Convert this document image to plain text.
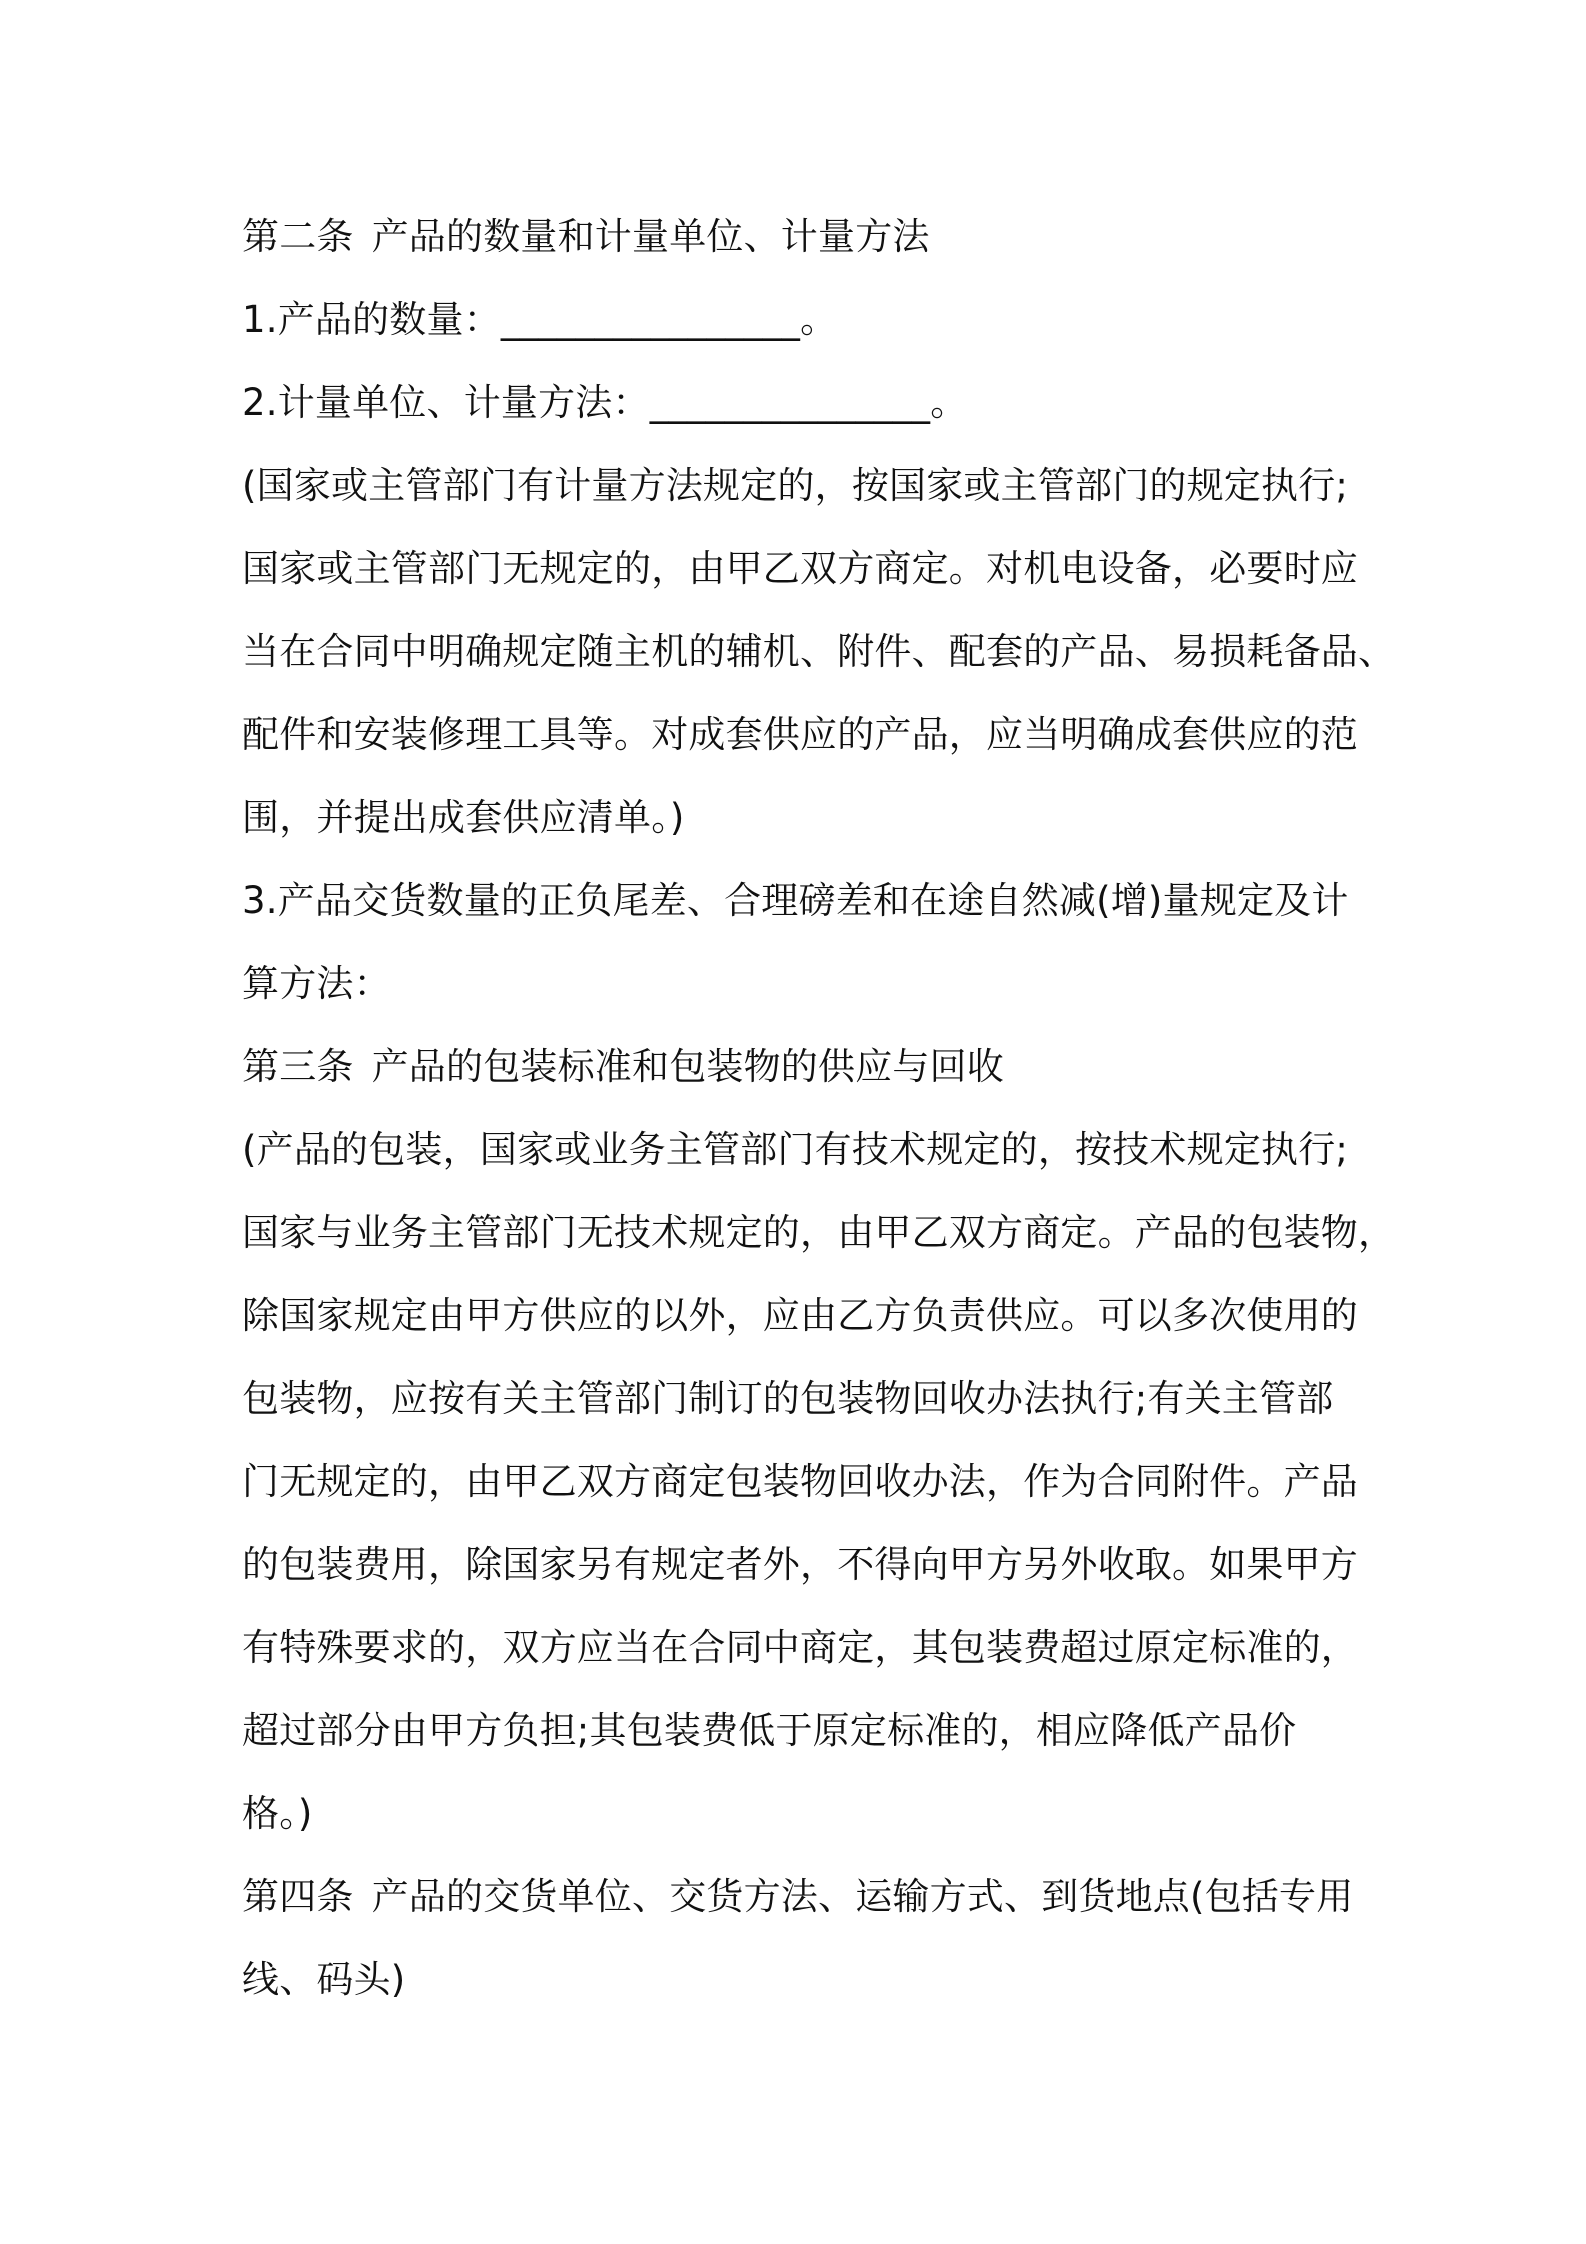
第二条 产品的数量和计量单位、计量方法
1.产品的数量：________________。
2.计量单位、计量方法：_______________。
(国家或主管部门有计量方法规定的，按国家或主管部门的规定执行;
国家或主管部门无规定的，由甲乙双方商定。对机电设备，必要时应
当在合同中明确规定随主机的辅机、附件、配套的产品、易损耗备品、
配件和安装修理工具等。对成套供应的产品，应当明确成套供应的范
围，并提出成套供应清单。)
3.产品交货数量的正负尾差、合理磅差和在途自然减(增)量规定及计
算方法：
第三条 产品的包装标准和包装物的供应与回收
(产品的包装，国家或业务主管部门有技术规定的，按技术规定执行;
国家与业务主管部门无技术规定的，由甲乙双方商定。产品的包装物，
除国家规定由甲方供应的以外，应由乙方负责供应。可以多次使用的
包装物，应按有关主管部门制订的包装物回收办法执行;有关主管部
门无规定的，由甲乙双方商定包装物回收办法，作为合同附件。产品
的包装费用，除国家另有规定者外，不得向甲方另外收取。如果甲方
有特殊要求的，双方应当在合同中商定，其包装费超过原定标准的，
超过部分由甲方负担;其包装费低于原定标准的，相应降低产品价
格。)
第四条 产品的交货单位、交货方法、运输方式、到货地点(包括专用
线、码头)
